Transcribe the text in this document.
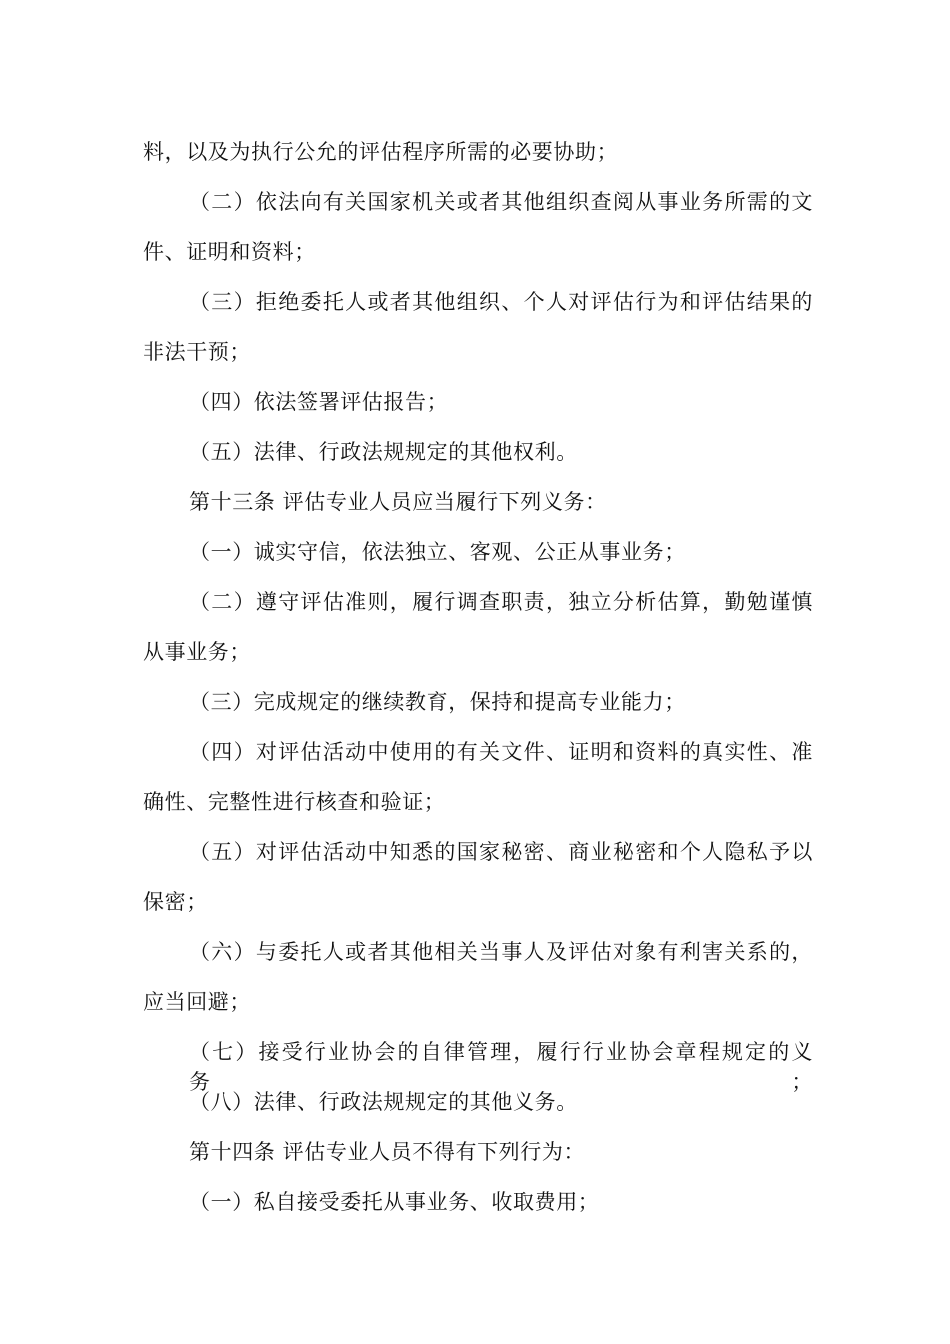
料，以及为执行公允的评估程序所需的必要协助；
（二）依法向有关国家机关或者其他组织查阅从事业务所需的文
件、证明和资料；
（三）拒绝委托人或者其他组织、个人对评估行为和评估结果的
非法干预；
（四）依法签署评估报告；
（五）法律、行政法规规定的其他权利。
第十三条 评估专业人员应当履行下列义务：
（一）诚实守信，依法独立、客观、公正从事业务；
（二）遵守评估准则，履行调查职责，独立分析估算，勤勉谨慎
从事业务；
（三）完成规定的继续教育，保持和提高专业能力；
（四）对评估活动中使用的有关文件、证明和资料的真实性、准
确性、完整性进行核查和验证；
（五）对评估活动中知悉的国家秘密、商业秘密和个人隐私予以
保密；
（六）与委托人或者其他相关当事人及评估对象有利害关系的，
应当回避；
（七）接受行业协会的自律管理，履行行业协会章程规定的义务；
（八）法律、行政法规规定的其他义务。
第十四条 评估专业人员不得有下列行为：
（一）私自接受委托从事业务、收取费用；
